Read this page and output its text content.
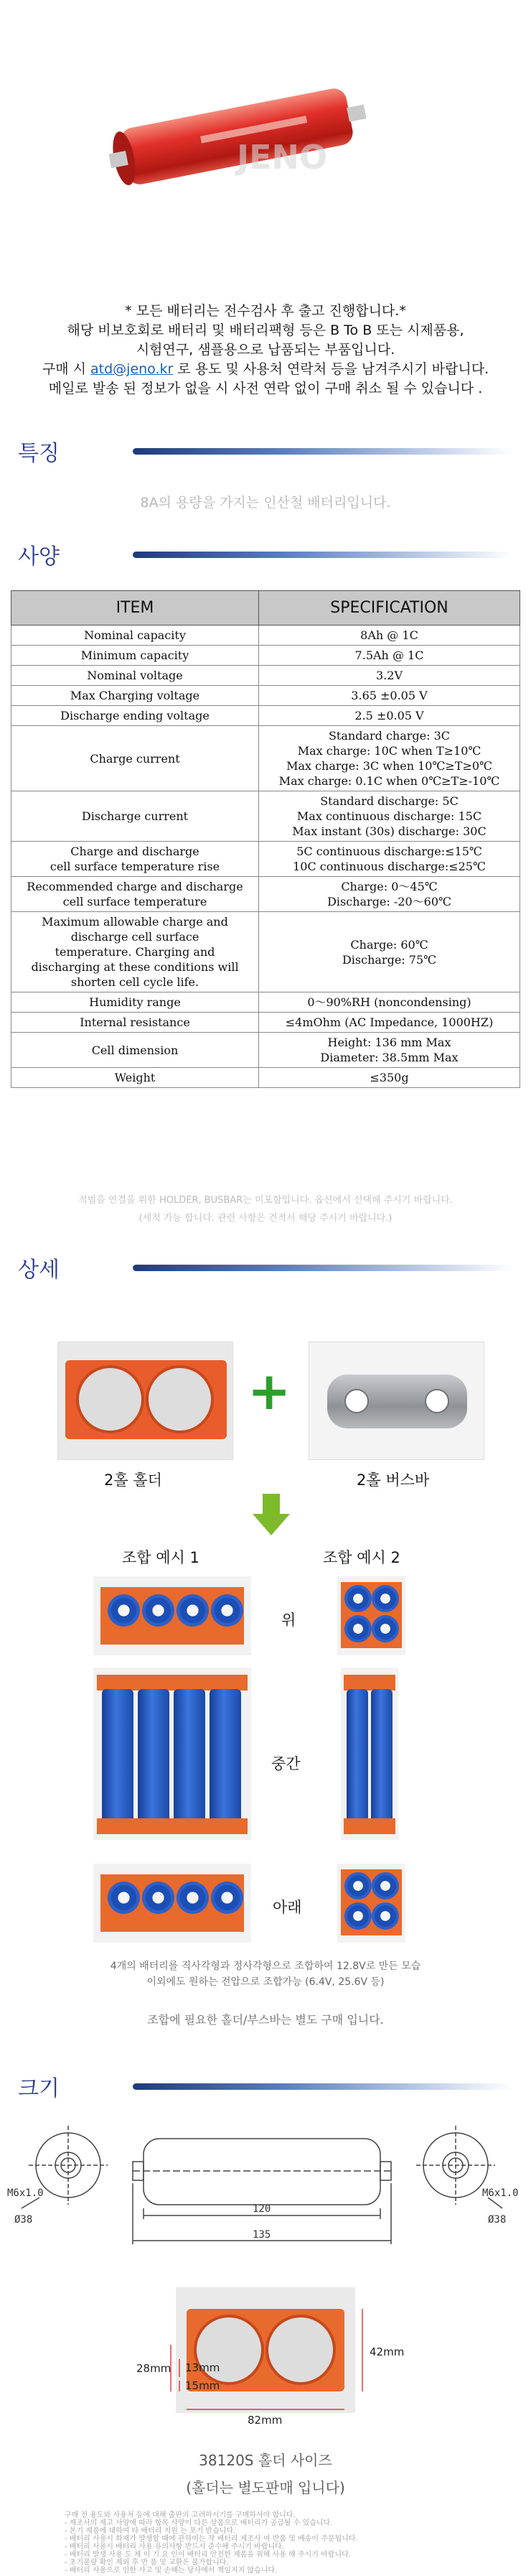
JENO
* 모든 배터리는 전수검사 후 출고 진행합니다.*
해당 비보호회로 배터리 및 배터리팩형 등은 B To B 또는 시제품용,
시험연구, 샘플용으로 납품되는 부품입니다.
구매 시 atd@jeno.kr 로 용도 및 사용처 연락처 등을 남겨주시기 바랍니다.
메일로 발송 된 정보가 없을 시 사전 연락 없이 구매 취소 될 수 있습니다 .
특징
8A의 용량을 가지는 인산철 배터리입니다.
사양
ITEM	SPECIFICATION
Nominal capacity	8Ah @ 1C
Minimum capacity	7.5Ah @ 1C
Nominal voltage	3.2V
Max Charging voltage	3.65 ±0.05 V
Discharge ending voltage	2.5 ±0.05 V
Charge current	Standard charge: 3C
Max charge: 10C when T≥10℃
Max charge: 3C when 10℃≥T≥0℃
Max charge: 0.1C when 0℃≥T≥-10℃
Discharge current	Standard discharge: 5C
Max continuous discharge: 15C
Max instant (30s) discharge: 30C
Charge and discharge
cell surface temperature rise	5C continuous discharge:≤15℃
10C continuous discharge:≤25℃
Recommended charge and discharge
cell surface temperature	Charge: 0～45℃
Discharge: -20～60℃
Maximum allowable charge and
discharge cell surface
temperature. Charging and
discharging at these conditions will
shorten cell cycle life.	Charge: 60℃
Discharge: 75℃
Humidity range	0～90%RH (noncondensing)
Internal resistance	≤4mOhm (AC Impedance, 1000HZ)
Cell dimension	Height: 136 mm Max
Diameter: 38.5mm Max
Weight	≤350g
적범을 연결을 위한 HOLDER, BUSBAR는 미포함입니다. 옵션에서 선택해 주시기 바랍니다.
(세척 가능 합니다. 관련 사항은 견적서 해당 주시기 바랍니다.)
상세
+
2홀 홀더	2홀 버스바
조합 예시 1	조합 예시 2
위
중간
아래
4개의 배터리를 직사각형과 정사각형으로 조합하여 12.8V로 만든 모습
이외에도 원하는 전압으로 조합가능 (6.4V, 25.6V 등)
조합에 필요한 홀더/부스바는 별도 구매 입니다.
크기
M6x1.0
Ø38
120
135
M6x1.0
Ø38
42mm
82mm
28mm 13mm
15mm
38120S 홀더 사이즈
(홀더는 별도판매 입니다)
구매 전 용도와 사용처 등에 대해 출판의 고려하시기를 구매하셔야 합니다.
- 제조사의 제고 사양에 따라 항목 사양이 다른 상품으로 배터리가 공급될 수 있습니다.
- 본기 제품에 대하여 타 배터리 지원 는 포기 받습니다.
- 배터리 사용시 화재가 발생할 때에 관하여는 작 배터리 제조사 여 반품 및 배송이 주문됩니다.
- 배터리 사용시 배터리 사용 유의사항 반드시 준수해 주시기 바랍니다.
- 배터리 발생 사용 도 체 이 기 요 인이 배터리 안전한 제품을 위해 사용 해 주시기 바랍니다.
- 초기불량 확인 제외 후 반 품 및 교환은 불가합니다.
- 배터리 사용으로 인한 사고 및 손해는 당사에서 책임지지 않습니다.
